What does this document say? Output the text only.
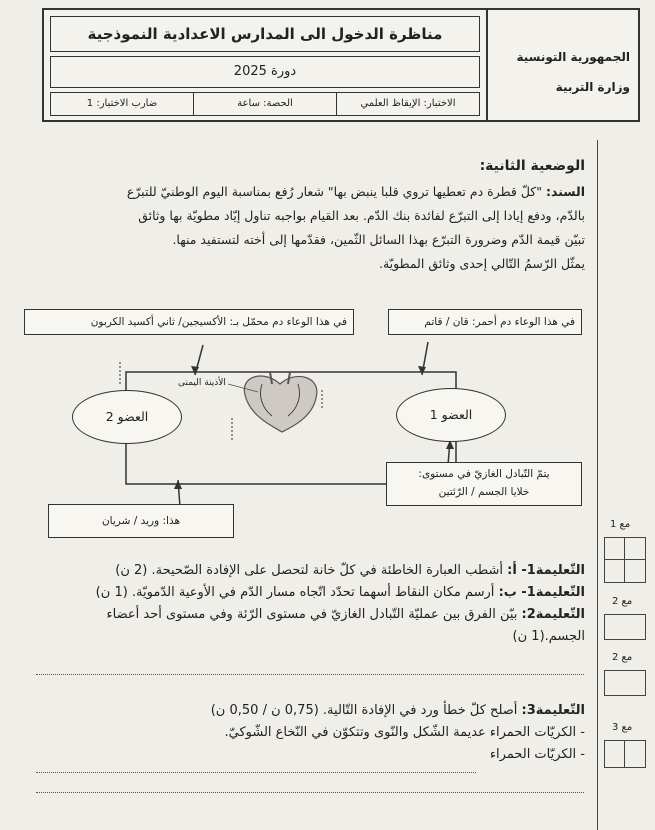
مناظرة الدخول الى المدارس الاعدادية النموذجية
دورة 2025
الاختبار: الإيقاظ العلمي
الحصة: ساعة
ضارب الاختبار: 1
الجمهورية التونسية
وزارة التربية
الوضعية الثانية:
السند: "كلّ قطرة دم تعطيها تروي قلبا ينبض بها" شعار رُفع بمناسبة اليوم الوطنيّ للتبرّع
بالدّم، ودفع إيادا إلى التبرّع لفائدة بنك الدّم. بعد القيام بواجبه تناول إيّاد مطويّة بها وثائق
تبيّن قيمة الدّم وضرورة التبرّع بهذا السائل الثّمين، فقدّمها إلى أخته لتستفيد منها.
يمثّل الرّسمُ التّالي إحدى وثائق المطويّة.
في هذا الوعاء دم محمّل بـ: الأكسيجين/ ثاني أكسيد الكربون	في هذا الوعاء دم أحمر: قان / قاتم
الأذينة اليمنى
العضو 2	العضو 1
يتمّ التّبادل الغازيّ في مستوى:
خلايا الجسم / الرّئتين
هذا: وريد / شريان
التّعليمة1- أ: أشطب العبارة الخاطئة في كلّ خانة لتحصل على الإفادة الصّحيحة. (2 ن)
التّعليمة1- ب: أرسم مكان النقاط أسهما تحدّد اتّجاه مسار الدّم في الأوعية الدّمويّة. (1 ن)
التّعليمة2: بيّن الفرق بين عمليّة التّبادل الغازيّ في مستوى الرّئة وفي مستوى أحد أعضاء
الجسم.(1 ن)
التّعليمة3: أصلح كلّ خطأ ورد في الإفادة التّالية. (0,75 ن / 0,50 ن)
- الكريّات الحمراء عديمة الشّكل والنّوى وتتكوّن في النّخاع الشّوكيّ.
- الكريّات الحمراء
مع 1
مع 2
مع 2
مع 3
